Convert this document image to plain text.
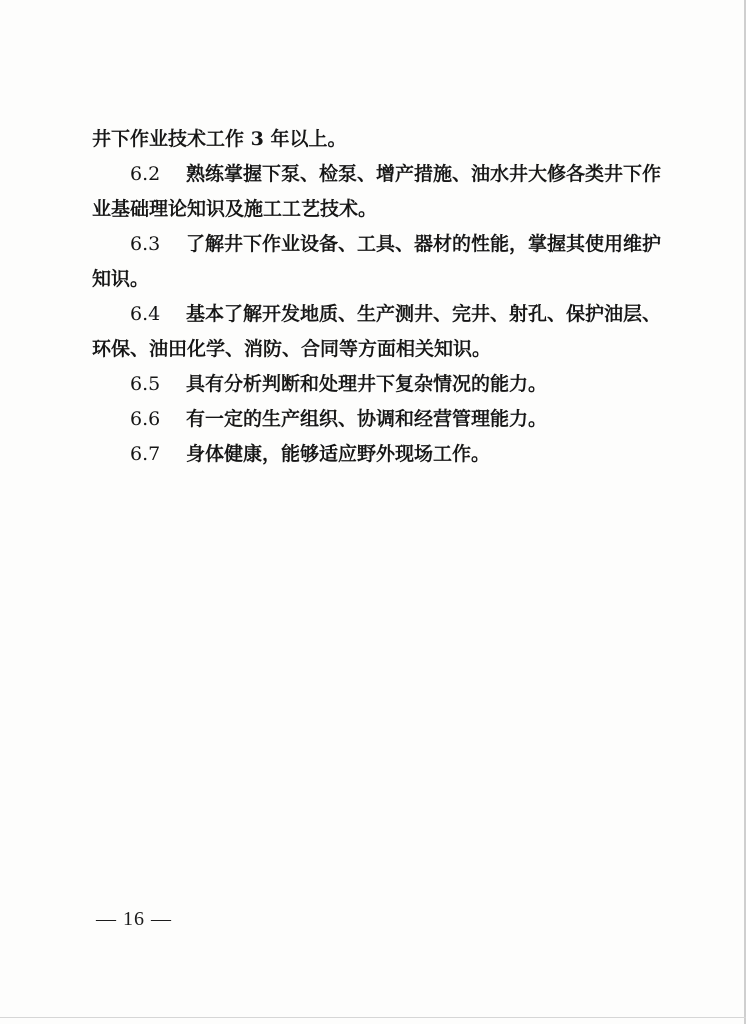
井下作业技术工作 3 年以上。
6.2 熟练掌握下泵、检泵、增产措施、油水井大修各类井下作
业基础理论知识及施工工艺技术。
6.3 了解井下作业设备、工具、器材的性能，掌握其使用维护
知识。
6.4 基本了解开发地质、生产测井、完井、射孔、保护油层、
环保、油田化学、消防、合同等方面相关知识。
6.5 具有分析判断和处理井下复杂情况的能力。
6.6 有一定的生产组织、协调和经营管理能力。
6.7 身体健康，能够适应野外现场工作。
— 16 —
